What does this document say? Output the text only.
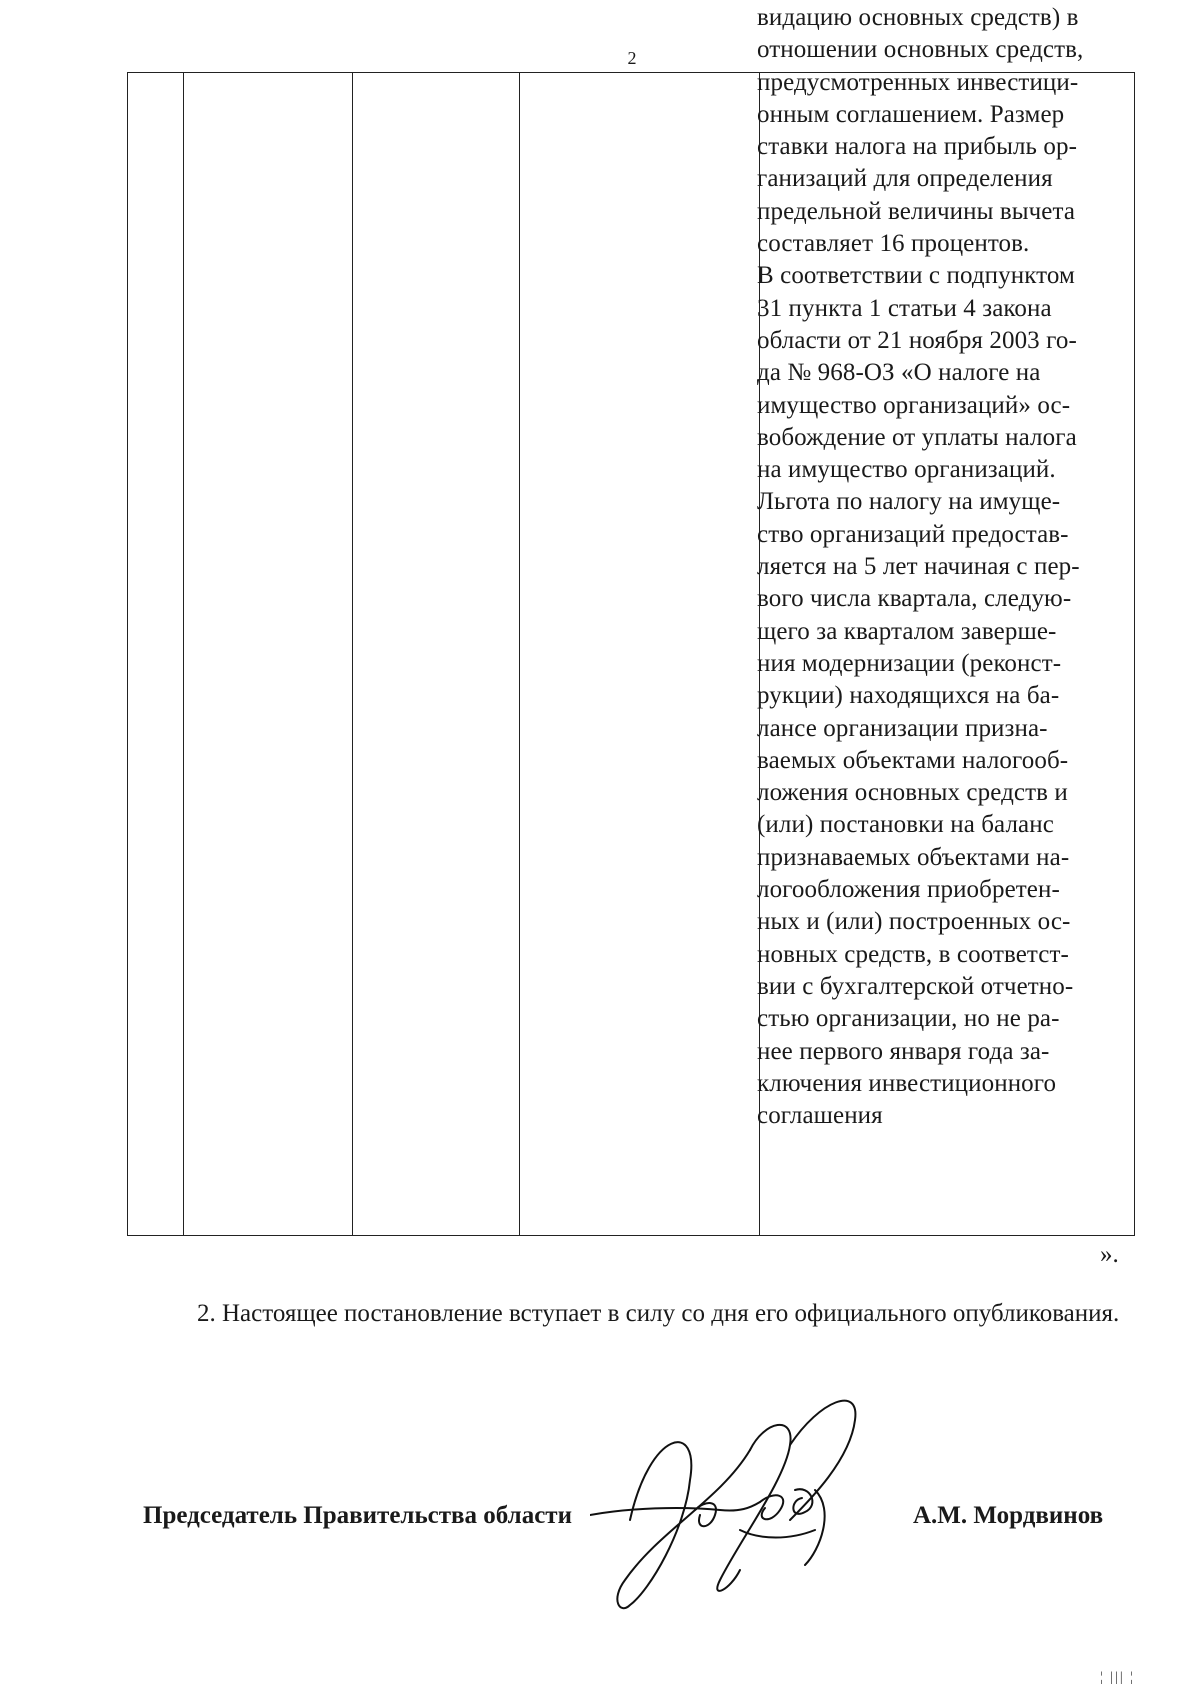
2
видацию основных средств) в
отношении основных средств,
предусмотренных инвестици-
онным соглашением. Размер
ставки налога на прибыль ор-
ганизаций для определения
предельной величины вычета
составляет 16 процентов.
В соответствии с подпунктом
31 пункта 1 статьи 4 закона
области от 21 ноября 2003 го-
да № 968-ОЗ «О налоге на
имущество организаций» ос-
вобождение от уплаты налога
на имущество организаций.
Льгота по налогу на имуще-
ство организаций предостав-
ляется на 5 лет начиная с пер-
вого числа квартала, следую-
щего за кварталом заверше-
ния модернизации (реконст-
рукции) находящихся на ба-
лансе организации призна-
ваемых объектами налогооб-
ложения основных средств и
(или) постановки на баланс
признаваемых объектами на-
логообложения приобретен-
ных и (или) построенных ос-
новных средств, в соответст-
вии с бухгалтерской отчетно-
стью организации, но не ра-
нее первого января года за-
ключения инвестиционного
соглашения
».
2. Настоящее постановление вступает в силу со дня его официального опубликования.
Председатель Правительства области	А.М. Мордвинов
¦ ||| ¦
